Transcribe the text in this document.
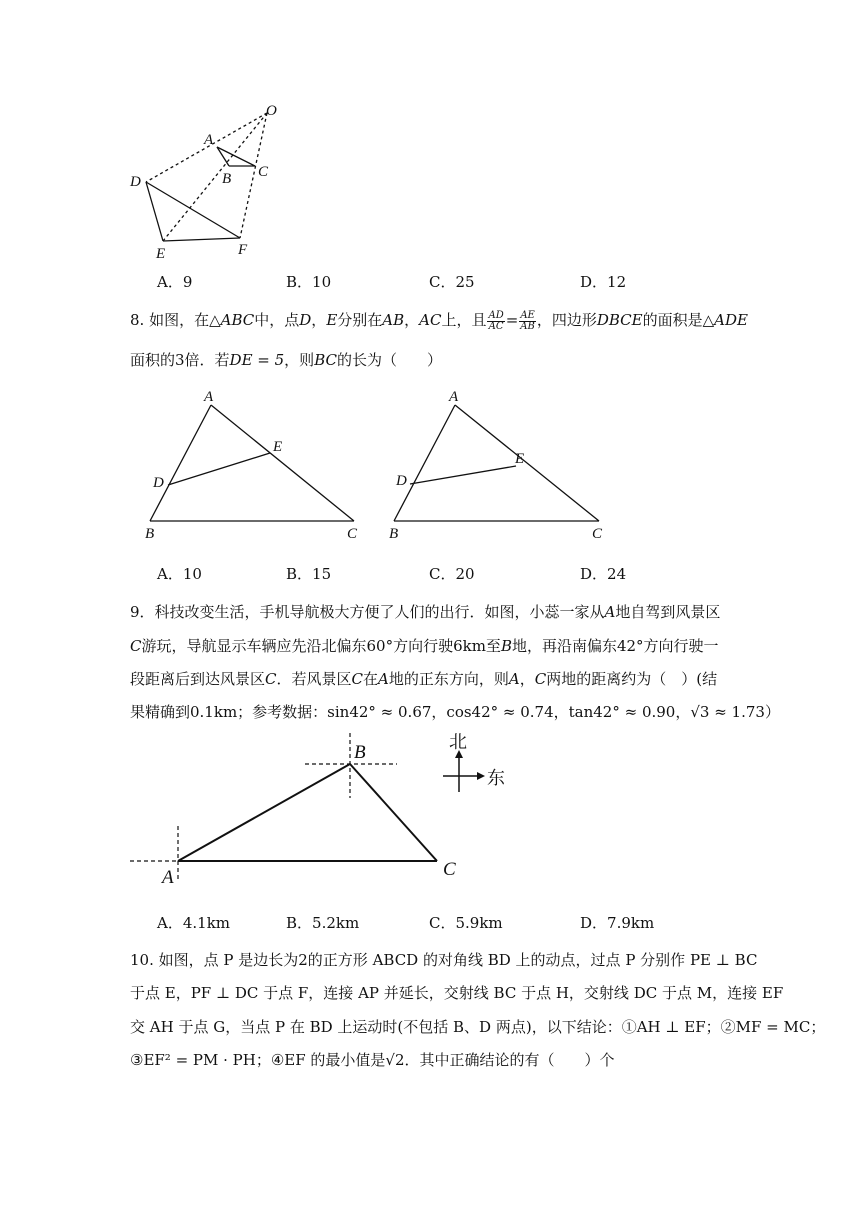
O
A
B C
D
E	F
A．9	B．10	C．25	D．12
8. 如图，在△ABC中，点D，E分别在AB，AC上，且 $\frac{AD}{AC} = \frac{AE}{AB}$ ，四边形DBCE的面积是△ADE
面积的3倍．若DE = 5，则BC的长为（　　）
A
D
E
B	C
A
D
E
B	C
A．10	B．15	C．20	D．24
9．科技改变生活，手机导航极大方便了人们的出行．如图，小蕊一家从A地自驾到风景区
C游玩，导航显示车辆应先沿北偏东60°方向行驶6km至B地，再沿南偏东42°方向行驶一
段距离后到达风景区C．若风景区C在A地的正东方向，则A，C两地的距离约为（　）(结
果精确到0.1km；参考数据：sin42° ≈ 0.67，cos42° ≈ 0.74，tan42° ≈ 0.90，√3 ≈ 1.73）
A
B
C
北
东
A．4.1km	B．5.2km	C．5.9km	D．7.9km
10. 如图，点 P 是边长为2的正方形 ABCD 的对角线 BD 上的动点，过点 P 分别作 PE ⊥ BC
于点 E，PF ⊥ DC 于点 F，连接 AP 并延长，交射线 BC 于点 H，交射线 DC 于点 M，连接 EF
交 AH 于点 G，当点 P 在 BD 上运动时(不包括 B、D 两点)，以下结论：①AH ⊥ EF；②MF = MC；
③EF² = PM · PH；④EF 的最小值是√2．其中正确结论的有（　　）个
